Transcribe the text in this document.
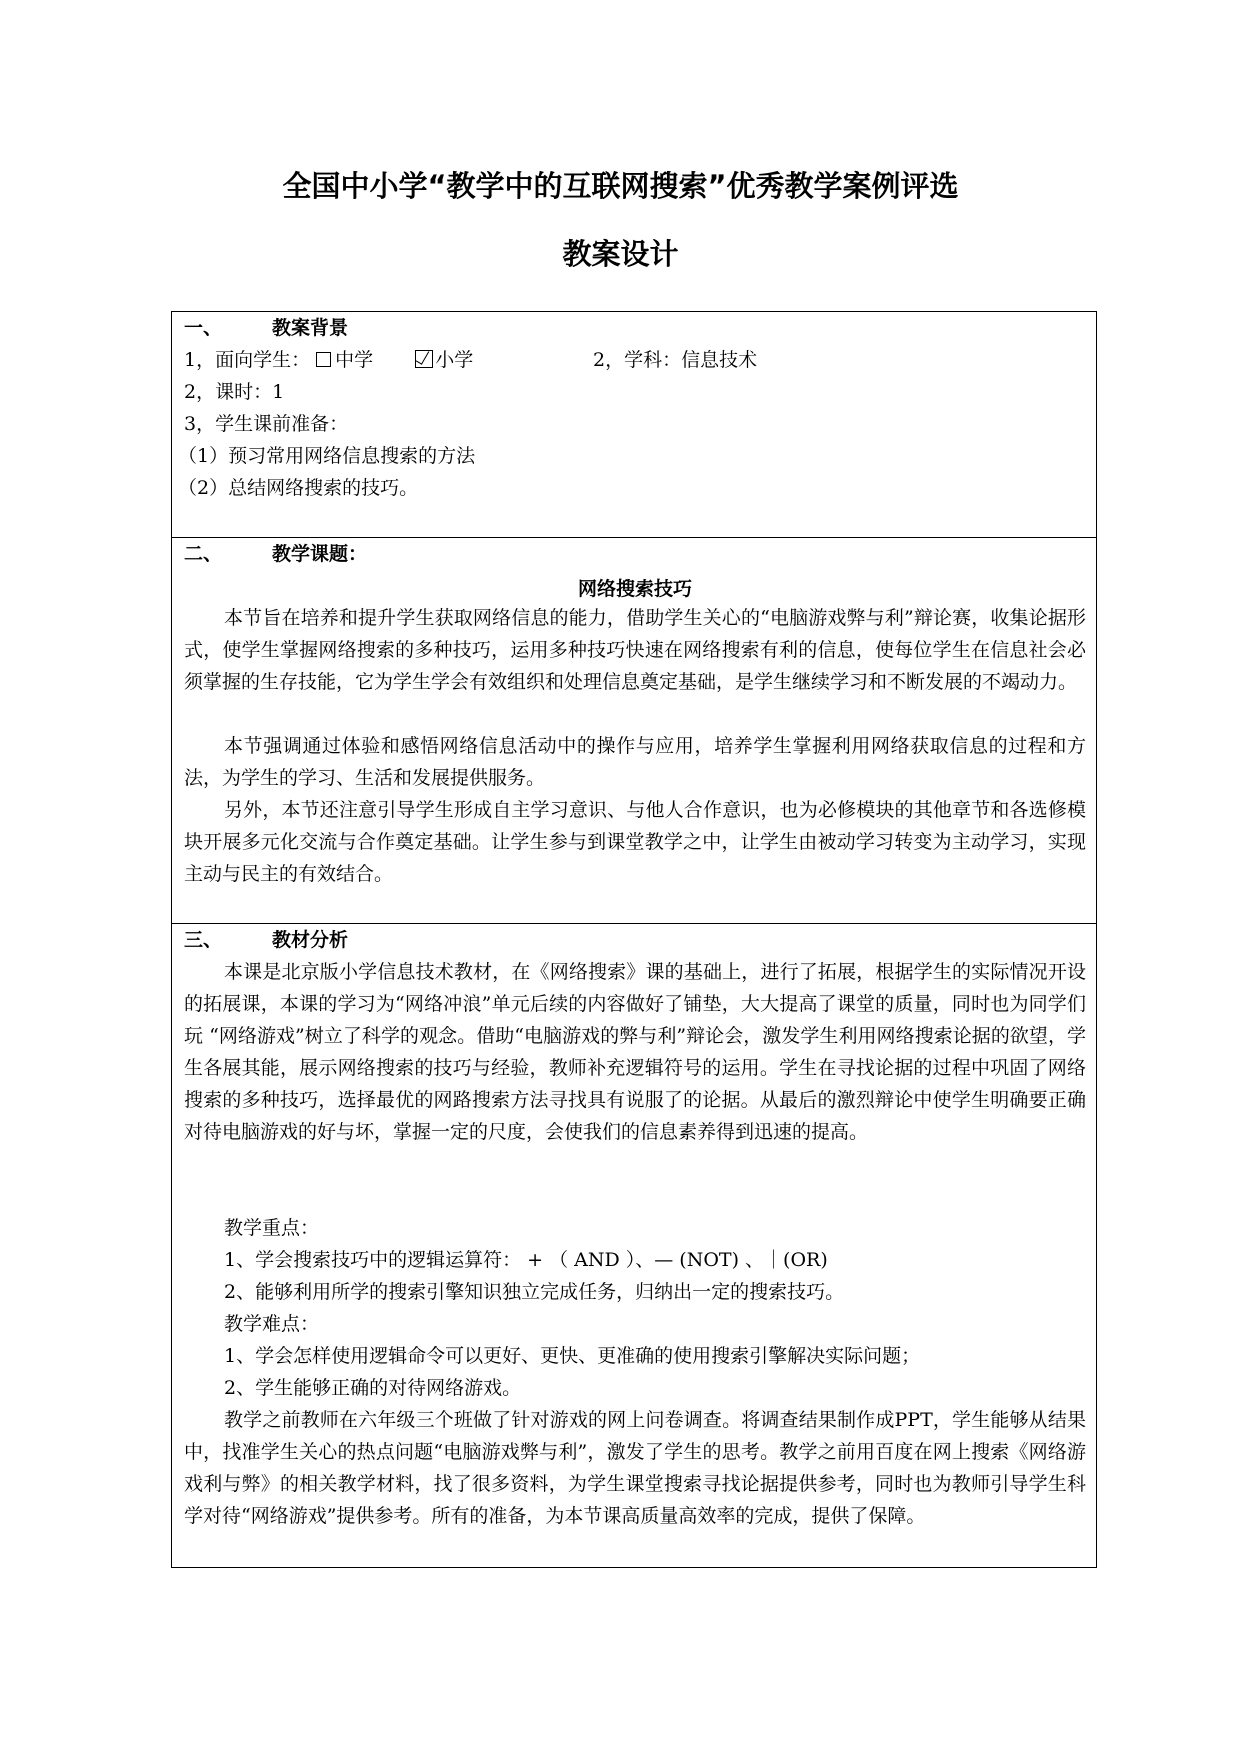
全国中小学“教学中的互联网搜索”优秀教学案例评选
教案设计
一、	教案背景
1，面向学生： 中学	小学	2，学科：信息技术
2，课时：1
3，学生课前准备：
（1）预习常用网络信息搜索的方法
（2）总结网络搜索的技巧。
二、	教学课题：
网络搜索技巧

本节旨在培养和提升学生获取网络信息的能力，借助学生关心的“电脑游戏弊与利”辩论赛，收集论据形式，使学生掌握网络搜索的多种技巧，运用多种技巧快速在网络搜索有利的信息，使每位学生在信息社会必须掌握的生存技能，它为学生学会有效组织和处理信息奠定基础，是学生继续学习和不断发展的不竭动力。

本节强调通过体验和感悟网络信息活动中的操作与应用，培养学生掌握利用网络获取信息的过程和方法，为学生的学习、生活和发展提供服务。

另外，本节还注意引导学生形成自主学习意识、与他人合作意识，也为必修模块的其他章节和各选修模块开展多元化交流与合作奠定基础。让学生参与到课堂教学之中，让学生由被动学习转变为主动学习，实现主动与民主的有效结合。

三、	教材分析

本课是北京版小学信息技术教材，在《网络搜索》课的基础上，进行了拓展，根据学生的实际情况开设的拓展课，本课的学习为“网络冲浪”单元后续的内容做好了铺垫，大大提高了课堂的质量，同时也为同学们玩 “网络游戏”树立了科学的观念。借助“电脑游戏的弊与利”辩论会，激发学生利用网络搜索论据的欲望，学生各展其能，展示网络搜索的技巧与经验，教师补充逻辑符号的运用。学生在寻找论据的过程中巩固了网络搜索的多种技巧，选择最优的网路搜索方法寻找具有说服了的论据。从最后的激烈辩论中使学生明确要正确对待电脑游戏的好与坏，掌握一定的尺度，会使我们的信息素养得到迅速的提高。

教学重点：
1、学会搜索技巧中的逻辑运算符： + （ AND ）、— (NOT) 、｜(OR)
2、能够利用所学的搜索引擎知识独立完成任务，归纳出一定的搜索技巧。
教学难点：
1、学会怎样使用逻辑命令可以更好、更快、更准确的使用搜索引擎解决实际问题；
2、学生能够正确的对待网络游戏。

教学之前教师在六年级三个班做了针对游戏的网上问卷调查。将调查结果制作成PPT，学生能够从结果中，找准学生关心的热点问题“电脑游戏弊与利”，激发了学生的思考。教学之前用百度在网上搜索《网络游戏利与弊》的相关教学材料，找了很多资料，为学生课堂搜索寻找论据提供参考，同时也为教师引导学生科学对待“网络游戏”提供参考。所有的准备，为本节课高质量高效率的完成，提供了保障。
